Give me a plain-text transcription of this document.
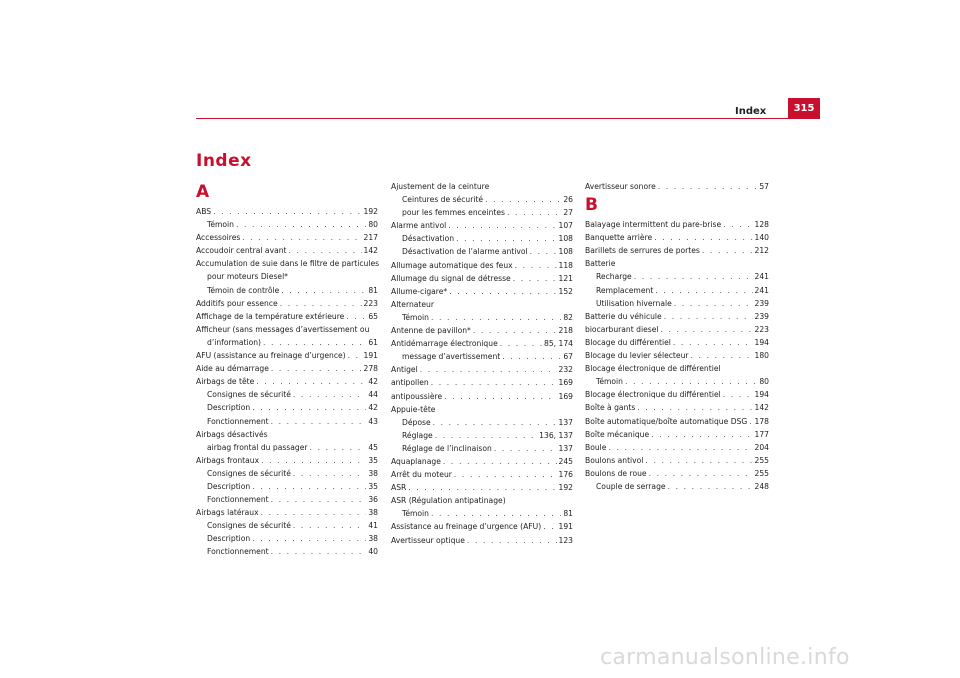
Index	315
Index
A
ABS . . .	192
Témoin . . .	80
Accessoires . . .	217
Accoudoir central avant . . .	142
Accumulation de suie dans le filtre de particules
pour moteurs Diesel*
Témoin de contrôle . . .	81
Additifs pour essence . . .	223
Affichage de la température extérieure . . .	65
Afficheur (sans messages d’avertissement ou
d’information) . . .	61
AFU (assistance au freinage d’urgence) . . . 191
Aide au démarrage . . .	278
Airbags de tête . . .	42
Consignes de sécurité . . .	44
Description . . .	42
Fonctionnement . . .	43
Airbags désactivés
airbag frontal du passager . . .	45
Airbags frontaux . . .	35
Consignes de sécurité . . .	38
Description . . .	35
Fonctionnement . . .	36
Airbags latéraux . . .	38
Consignes de sécurité . . .	41
Description . . .	38
Fonctionnement . . .	40
Ajustement de la ceinture
Ceintures de sécurité . . .	26
pour les femmes enceintes . . .	27
Alarme antivol . . .	107
Désactivation . . .	108
Désactivation de l’alarme antivol . . .	108
Allumage automatique des feux . . .	118
Allumage du signal de détresse . . .	121
Allume-cigare* . . .	152
Alternateur
Témoin . . .	82
Antenne de pavillon* . . .	218
Antidémarrage électronique . . .	85, 174
message d’avertissement . . .	67
Antigel . . .	232
antipollen . . .	169
antipoussière . . .	169
Appuie-tête
Dépose . . .	137
Réglage . . .	136, 137
Réglage de l’inclinaison . . .	137
Aquaplanage . . .	245
Arrêt du moteur . . .	176
ASR . . .	192
ASR (Régulation antipatinage)
Témoin . . .	81
Assistance au freinage d’urgence (AFU) . . . 191
Avertisseur optique . . .	123
Avertisseur sonore . . .	57
B
Balayage intermittent du pare-brise . . .	128
Banquette arrière . . .	140
Barillets de serrures de portes . . .	212
Batterie
Recharge . . .	241
Remplacement . . .	241
Utilisation hivernale . . .	239
Batterie du véhicule . . .	239
biocarburant diesel . . .	223
Blocage du différentiel . . .	194
Blocage du levier sélecteur . . .	180
Blocage électronique de différentiel
Témoin . . .	80
Blocage électronique du différentiel . . .	194
Boîte à gants . . .	142
Boîte automatique/boîte automatique DSG . . . 178
Boîte mécanique . . .	177
Boule . . .	204
Boulons antivol . . .	255
Boulons de roue . . .	255
Couple de serrage . . .	248
carmanualsonline.info
